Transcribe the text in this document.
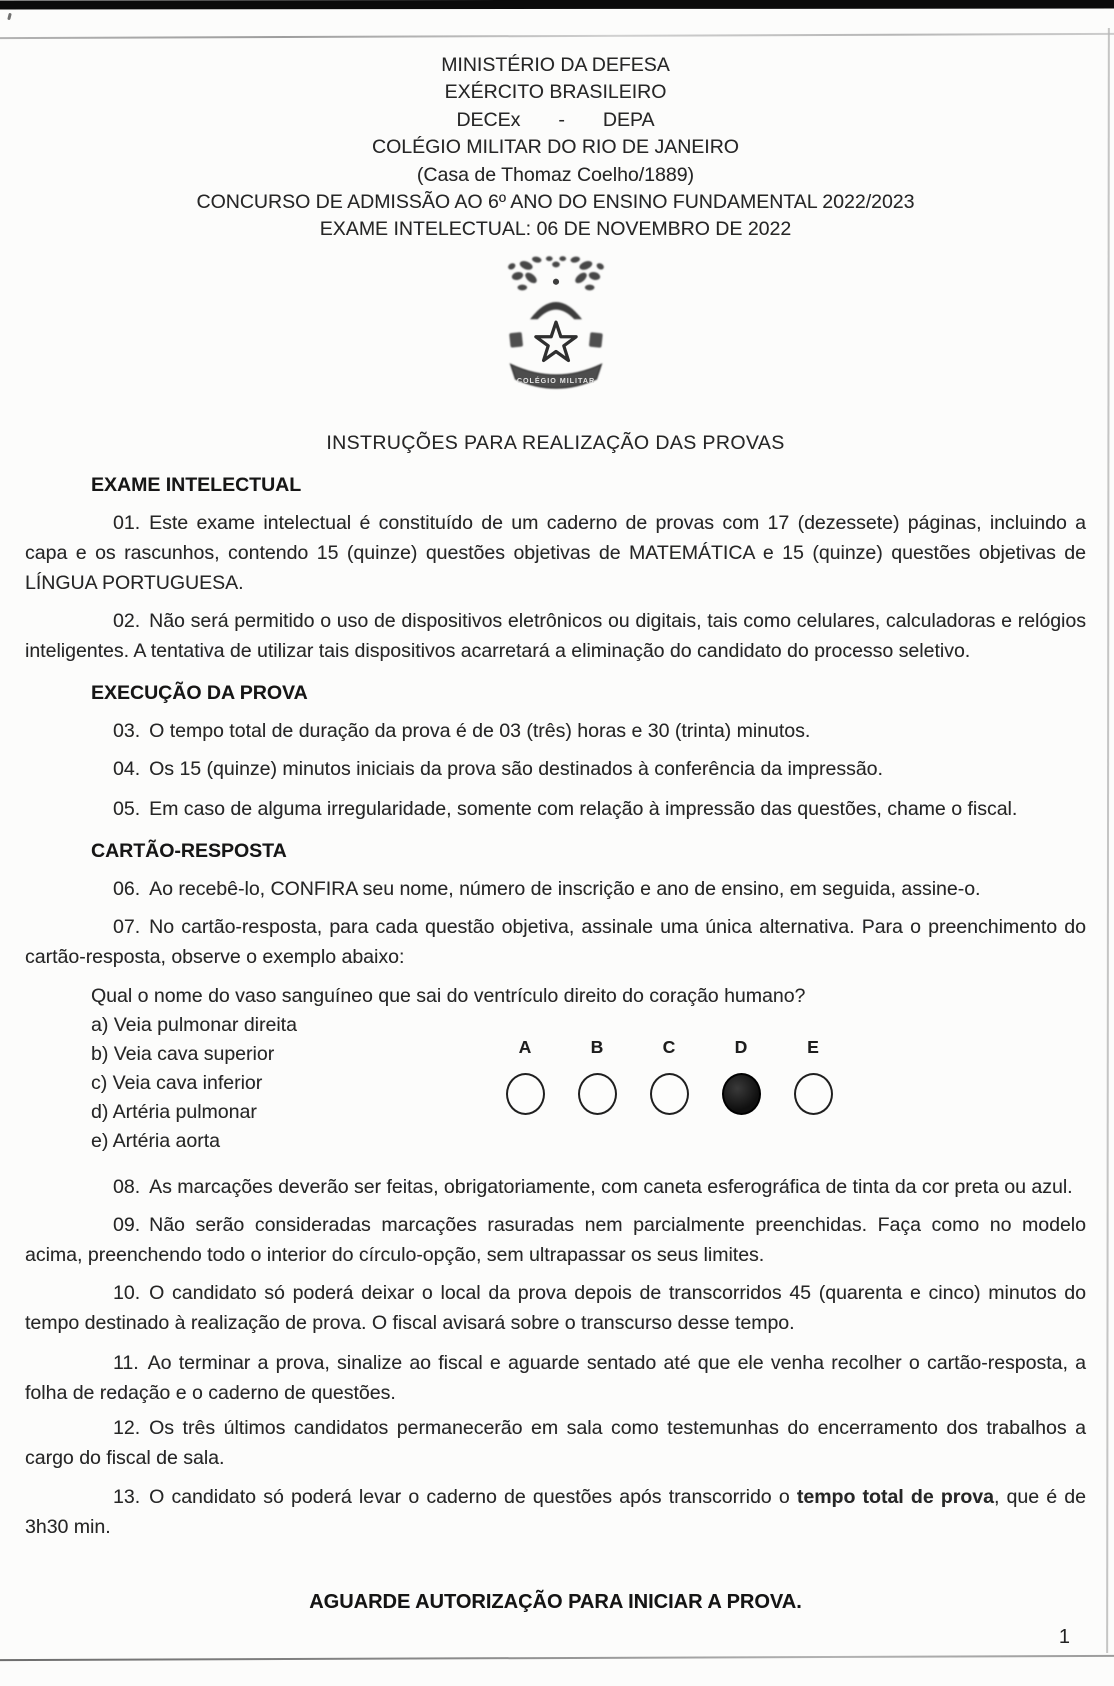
MINISTÉRIO DA DEFESA
EXÉRCITO BRASILEIRO
DECEx - DEPA
COLÉGIO MILITAR DO RIO DE JANEIRO
(Casa de Thomaz Coelho/1889)
CONCURSO DE ADMISSÃO AO 6º ANO DO ENSINO FUNDAMENTAL 2022/2023
EXAME INTELECTUAL: 06 DE NOVEMBRO DE 2022
COLÉGIO MILITAR
INSTRUÇÕES PARA REALIZAÇÃO DAS PROVAS
EXAME INTELECTUAL

01. Este exame intelectual é constituído de um caderno de provas com 17 (dezessete) páginas, incluindo a capa e os rascunhos, contendo 15 (quinze) questões objetivas de MATEMÁTICA e 15 (quinze) questões objetivas de LÍNGUA PORTUGUESA.

02. Não será permitido o uso de dispositivos eletrônicos ou digitais, tais como celulares, calculadoras e relógios inteligentes. A tentativa de utilizar tais dispositivos acarretará a eliminação do candidato do processo seletivo.

EXECUÇÃO DA PROVA

03. O tempo total de duração da prova é de 03 (três) horas e 30 (trinta) minutos.

04. Os 15 (quinze) minutos iniciais da prova são destinados à conferência da impressão.

05. Em caso de alguma irregularidade, somente com relação à impressão das questões, chame o fiscal.

CARTÃO-RESPOSTA

06. Ao recebê-lo, CONFIRA seu nome, número de inscrição e ano de ensino, em seguida, assine-o.

07. No cartão-resposta, para cada questão objetiva, assinale uma única alternativa. Para o preenchimento do cartão-resposta, observe o exemplo abaixo:

Qual o nome do vaso sanguíneo que sai do ventrículo direito do coração humano?
a) Veia pulmonar direita
b) Veia cava superior
c) Veia cava inferior
d) Artéria pulmonar
e) Artéria aorta
A	B	C	D	E

08. As marcações deverão ser feitas, obrigatoriamente, com caneta esferográfica de tinta da cor preta ou azul.

09. Não serão consideradas marcações rasuradas nem parcialmente preenchidas. Faça como no modelo acima, preenchendo todo o interior do círculo-opção, sem ultrapassar os seus limites.

10. O candidato só poderá deixar o local da prova depois de transcorridos 45 (quarenta e cinco) minutos do tempo destinado à realização de prova. O fiscal avisará sobre o transcurso desse tempo.

11. Ao terminar a prova, sinalize ao fiscal e aguarde sentado até que ele venha recolher o cartão-resposta, a folha de redação e o caderno de questões.

12. Os três últimos candidatos permanecerão em sala como testemunhas do encerramento dos trabalhos a cargo do fiscal de sala.

13. O candidato só poderá levar o caderno de questões após transcorrido o tempo total de prova, que é de 3h30 min.

AGUARDE AUTORIZAÇÃO PARA INICIAR A PROVA.
1
